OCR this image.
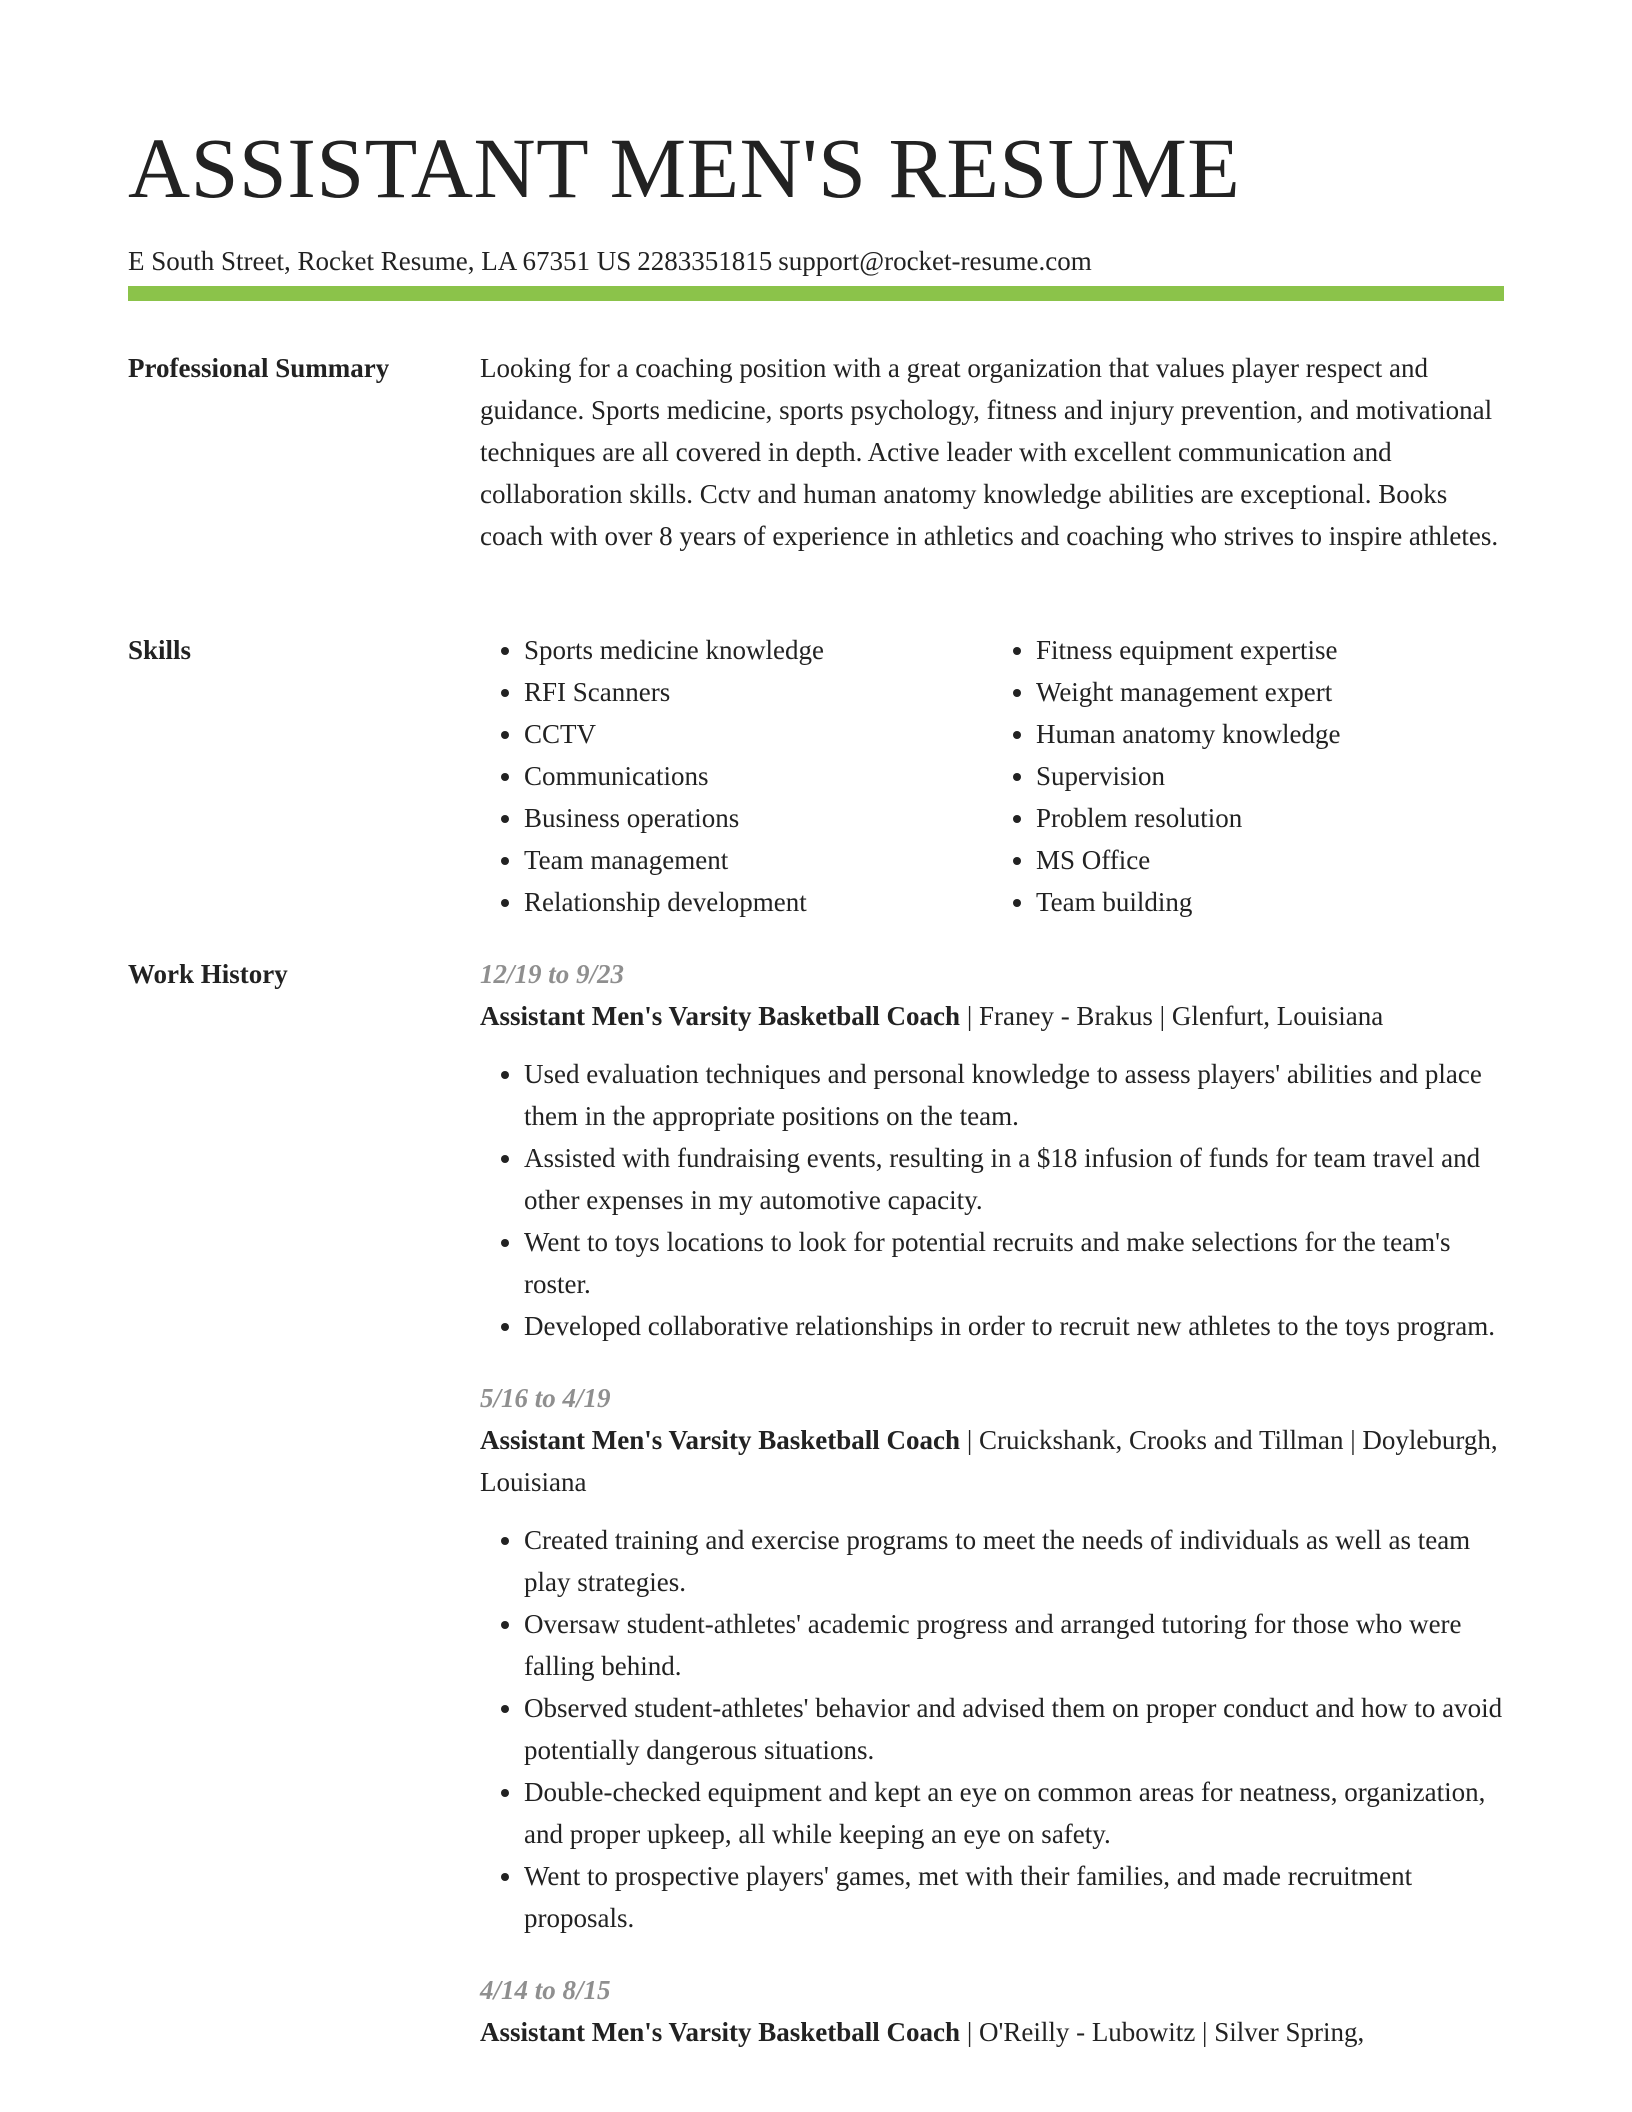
ASSISTANT MEN'S RESUME
E South Street, Rocket Resume, LA 67351 US 2283351815 support@rocket-resume.com
Professional Summary	Looking for a coaching position with a great organization that values player respect and guidance. Sports medicine, sports psychology, fitness and injury prevention, and motivational techniques are all covered in depth. Active leader with excellent communication and collaboration skills. Cctv and human anatomy knowledge abilities are exceptional. Books coach with over 8 years of experience in athletics and coaching who strives to inspire athletes.

Skills
•	Sports medicine knowledge
• RFI Scanners
• CCTV
• Communications
• Business operations
• Team management
• Relationship development
• Fitness equipment expertise
• Weight management expert
• Human anatomy knowledge
• Supervision
• Problem resolution
• MS Office
• Team building
Work History	12/19 to 9/23
Assistant Men's Varsity Basketball Coach | Franey - Brakus | Glenfurt, Louisiana
• Used evaluation techniques and personal knowledge to assess players' abilities and place them in the appropriate positions on the team.
• Assisted with fundraising events, resulting in a $18 infusion of funds for team travel and other expenses in my automotive capacity.
• Went to toys locations to look for potential recruits and make selections for the team's roster.
• Developed collaborative relationships in order to recruit new athletes to the toys program.
5/16 to 4/19
Assistant Men's Varsity Basketball Coach | Cruickshank, Crooks and Tillman | Doyleburgh, Louisiana
• Created training and exercise programs to meet the needs of individuals as well as team play strategies.
• Oversaw student-athletes' academic progress and arranged tutoring for those who were falling behind.
• Observed student-athletes' behavior and advised them on proper conduct and how to avoid potentially dangerous situations.
• Double-checked equipment and kept an eye on common areas for neatness, organization, and proper upkeep, all while keeping an eye on safety.
• Went to prospective players' games, met with their families, and made recruitment proposals.
4/14 to 8/15
Assistant Men's Varsity Basketball Coach | O'Reilly - Lubowitz | Silver Spring,
